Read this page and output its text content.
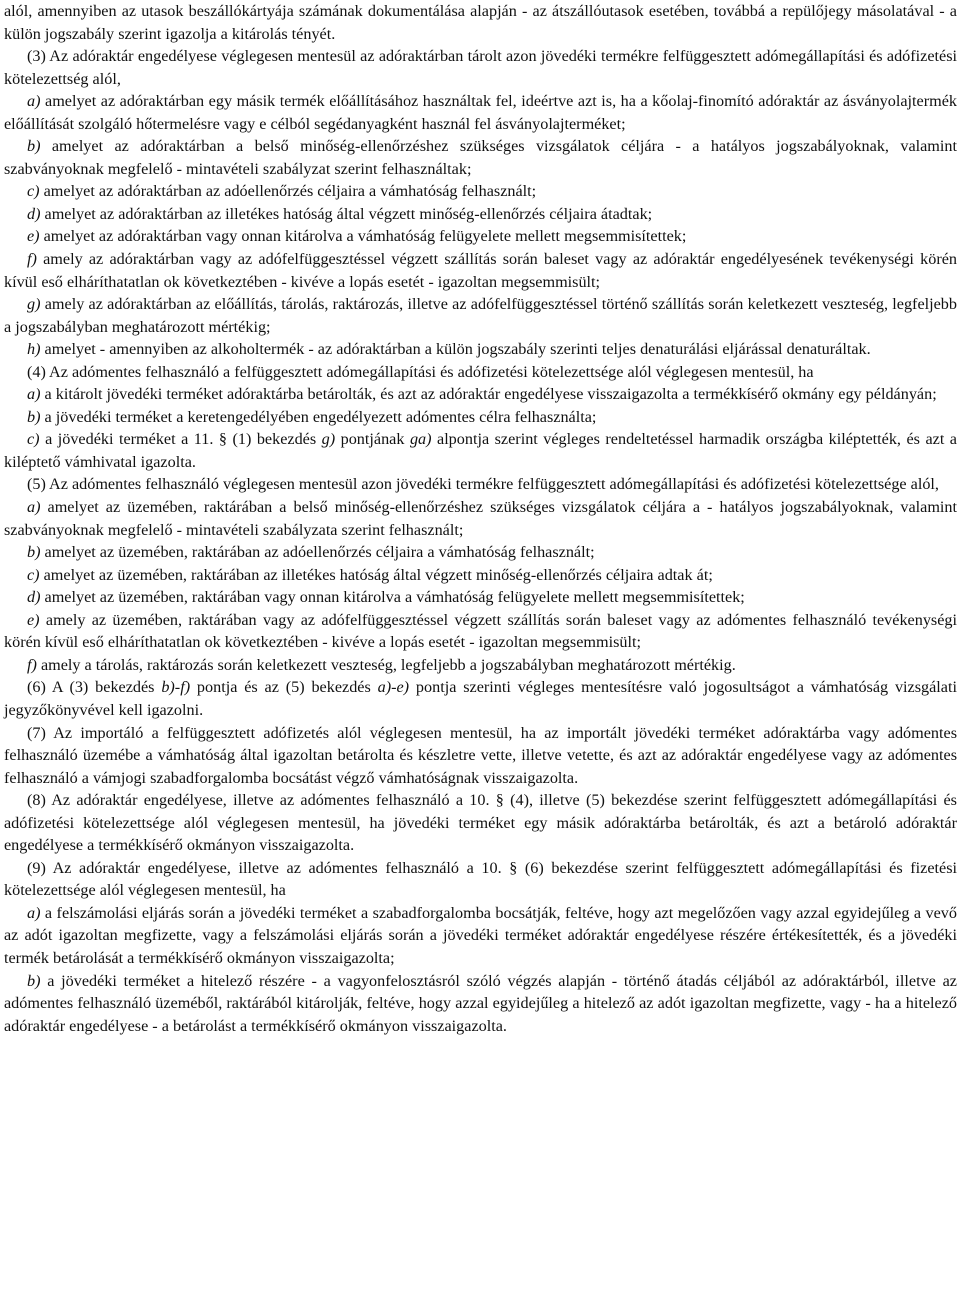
alól, amennyiben az utasok beszállókártyája számának dokumentálása alapján - az átszállóutasok esetében, továbbá a repülőjegy másolatával - a külön jogszabály szerint igazolja a kitárolás tényét.

(3) Az adóraktár engedélyese véglegesen mentesül az adóraktárban tárolt azon jövedéki termékre felfüggesztett adómegállapítási és adófizetési kötelezettség alól,

a) amelyet az adóraktárban egy másik termék előállításához használtak fel, ideértve azt is, ha a kőolaj-finomító adóraktár az ásványolajtermék előállítását szolgáló hőtermelésre vagy e célból segédanyagként használ fel ásványolajterméket;

b) amelyet az adóraktárban a belső minőség-ellenőrzéshez szükséges vizsgálatok céljára - a hatályos jogszabályoknak, valamint szabványoknak megfelelő - mintavételi szabályzat szerint felhasználtak;

c) amelyet az adóraktárban az adóellenőrzés céljaira a vámhatóság felhasznált;

d) amelyet az adóraktárban az illetékes hatóság által végzett minőség-ellenőrzés céljaira átadtak;

e) amelyet az adóraktárban vagy onnan kitárolva a vámhatóság felügyelete mellett megsemmisítettek;

f) amely az adóraktárban vagy az adófelfüggesztéssel végzett szállítás során baleset vagy az adóraktár engedélyesének tevékenységi körén kívül eső elháríthatatlan ok következtében - kivéve a lopás esetét - igazoltan megsemmisült;

g) amely az adóraktárban az előállítás, tárolás, raktározás, illetve az adófelfüggesztéssel történő szállítás során keletkezett veszteség, legfeljebb a jogszabályban meghatározott mértékig;

h) amelyet - amennyiben az alkoholtermék - az adóraktárban a külön jogszabály szerinti teljes denaturálási eljárással denaturáltak.

(4) Az adómentes felhasználó a felfüggesztett adómegállapítási és adófizetési kötelezettsége alól véglegesen mentesül, ha

a) a kitárolt jövedéki terméket adóraktárba betárolták, és azt az adóraktár engedélyese visszaigazolta a termékkísérő okmány egy példányán;

b) a jövedéki terméket a keretengedélyében engedélyezett adómentes célra felhasználta;

c) a jövedéki terméket a 11. § (1) bekezdés g) pontjának ga) alpontja szerint végleges rendeltetéssel harmadik országba kiléptették, és azt a kiléptető vámhivatal igazolta.

(5) Az adómentes felhasználó véglegesen mentesül azon jövedéki termékre felfüggesztett adómegállapítási és adófizetési kötelezettsége alól,

a) amelyet az üzemében, raktárában a belső minőség-ellenőrzéshez szükséges vizsgálatok céljára a - hatályos jogszabályoknak, valamint szabványoknak megfelelő - mintavételi szabályzata szerint felhasznált;

b) amelyet az üzemében, raktárában az adóellenőrzés céljaira a vámhatóság felhasznált;

c) amelyet az üzemében, raktárában az illetékes hatóság által végzett minőség-ellenőrzés céljaira adtak át;

d) amelyet az üzemében, raktárában vagy onnan kitárolva a vámhatóság felügyelete mellett megsemmisítettek;

e) amely az üzemében, raktárában vagy az adófelfüggesztéssel végzett szállítás során baleset vagy az adómentes felhasználó tevékenységi körén kívül eső elháríthatatlan ok következtében - kivéve a lopás esetét - igazoltan megsemmisült;

f) amely a tárolás, raktározás során keletkezett veszteség, legfeljebb a jogszabályban meghatározott mértékig.

(6) A (3) bekezdés b)-f) pontja és az (5) bekezdés a)-e) pontja szerinti végleges mentesítésre való jogosultságot a vámhatóság vizsgálati jegyzőkönyvével kell igazolni.

(7) Az importáló a felfüggesztett adófizetés alól véglegesen mentesül, ha az importált jövedéki terméket adóraktárba vagy adómentes felhasználó üzemébe a vámhatóság által igazoltan betárolta és készletre vette, illetve vetette, és azt az adóraktár engedélyese vagy az adómentes felhasználó a vámjogi szabadforgalomba bocsátást végző vámhatóságnak visszaigazolta.

(8) Az adóraktár engedélyese, illetve az adómentes felhasználó a 10. § (4), illetve (5) bekezdése szerint felfüggesztett adómegállapítási és adófizetési kötelezettsége alól véglegesen mentesül, ha jövedéki terméket egy másik adóraktárba betárolták, és azt a betároló adóraktár engedélyese a termékkísérő okmányon visszaigazolta.

(9) Az adóraktár engedélyese, illetve az adómentes felhasználó a 10. § (6) bekezdése szerint felfüggesztett adómegállapítási és fizetési kötelezettsége alól véglegesen mentesül, ha

a) a felszámolási eljárás során a jövedéki terméket a szabadforgalomba bocsátják, feltéve, hogy azt megelőzően vagy azzal egyidejűleg a vevő az adót igazoltan megfizette, vagy a felszámolási eljárás során a jövedéki terméket adóraktár engedélyese részére értékesítették, és a jövedéki termék betárolását a termékkísérő okmányon visszaigazolta;

b) a jövedéki terméket a hitelező részére - a vagyonfelosztásról szóló végzés alapján - történő átadás céljából az adóraktárból, illetve az adómentes felhasználó üzeméből, raktárából kitárolják, feltéve, hogy azzal egyidejűleg a hitelező az adót igazoltan megfizette, vagy - ha a hitelező adóraktár engedélyese - a betárolást a termékkísérő okmányon visszaigazolta.
